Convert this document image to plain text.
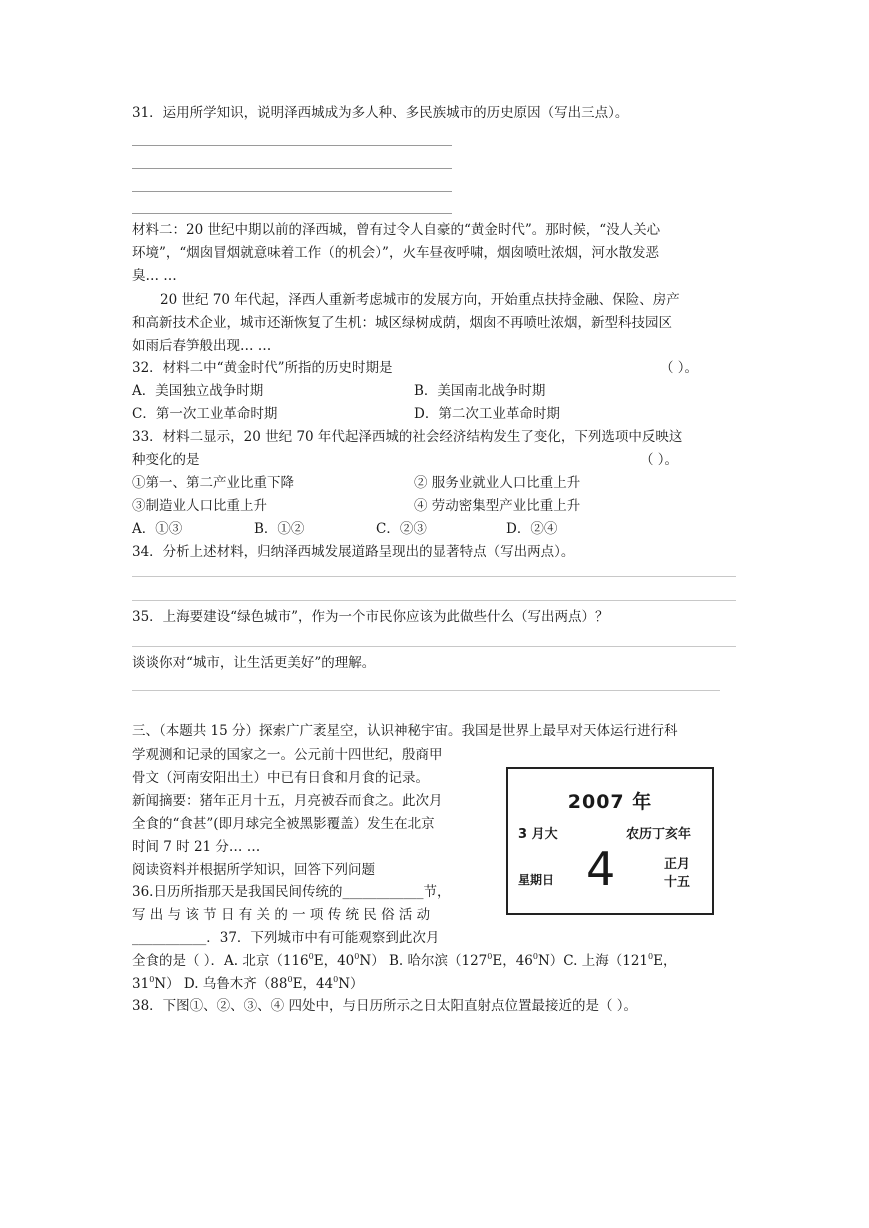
31．运用所学知识，说明泽西城成为多人种、多民族城市的历史原因（写出三点）。
材料二：20 世纪中期以前的泽西城，曾有过令人自豪的“黄金时代”。那时候，“没人关心
环境”，“烟囱冒烟就意味着工作（的机会）”，火车昼夜呼啸，烟囱喷吐浓烟，河水散发恶
臭… …
20 世纪 70 年代起，泽西人重新考虑城市的发展方向，开始重点扶持金融、保险、房产
和高新技术企业，城市还渐恢复了生机：城区绿树成荫，烟囱不再喷吐浓烟，新型科技园区
如雨后春笋般出现… …
32．材料二中“黄金时代”所指的历史时期是	（ ）。
A．美国独立战争时期	B．美国南北战争时期
C．第一次工业革命时期	D．第二次工业革命时期
33．材料二显示，20 世纪 70 年代起泽西城的社会经济结构发生了变化，下列选项中反映这
种变化的是	（ ）。
①第一、第二产业比重下降	② 服务业就业人口比重上升
③制造业人口比重上升	④ 劳动密集型产业比重上升
A．①③	B．①②	C．②③	D．②④
34．分析上述材料，归纳泽西城发展道路呈现出的显著特点（写出两点）。
35．上海要建设“绿色城市”，作为一个市民你应该为此做些什么（写出两点）？
谈谈你对“城市，让生活更美好”的理解。
三、（本题共 15 分）探索广广袤星空，认识神秘宇宙。我国是世界上最早对天体运行进行科
学观测和记录的国家之一。公元前十四世纪，殷商甲
骨文（河南安阳出土）中已有日食和月食的记录。
新闻摘要：猪年正月十五，月亮被吞而食之。此次月
全食的“食甚”(即月球完全被黑影覆盖）发生在北京
时间 7 时 21 分… …
阅读资料并根据所学知识，回答下列问题
2007 年
3 月大	农历丁亥年
4
星期日
正月
十五
36.日历所指那天是我国民间传统的____________节，
写 出 与 该 节 日 有 关 的 一 项 传 统 民 俗 活 动
___________．37．下列城市中有可能观察到此次月
全食的是（ ）．A. 北京（$116^0E$，$40^0N$） B. 哈尔滨（$127^0E$，$46^0N)C$. 上海（$121^0E$，
$31^0N$） D. 乌鲁木齐（$88^0E$，$44^0N$）
38．下图①、②、③、④ 四处中，与日历所示之日太阳直射点位置最接近的是（ ）。
